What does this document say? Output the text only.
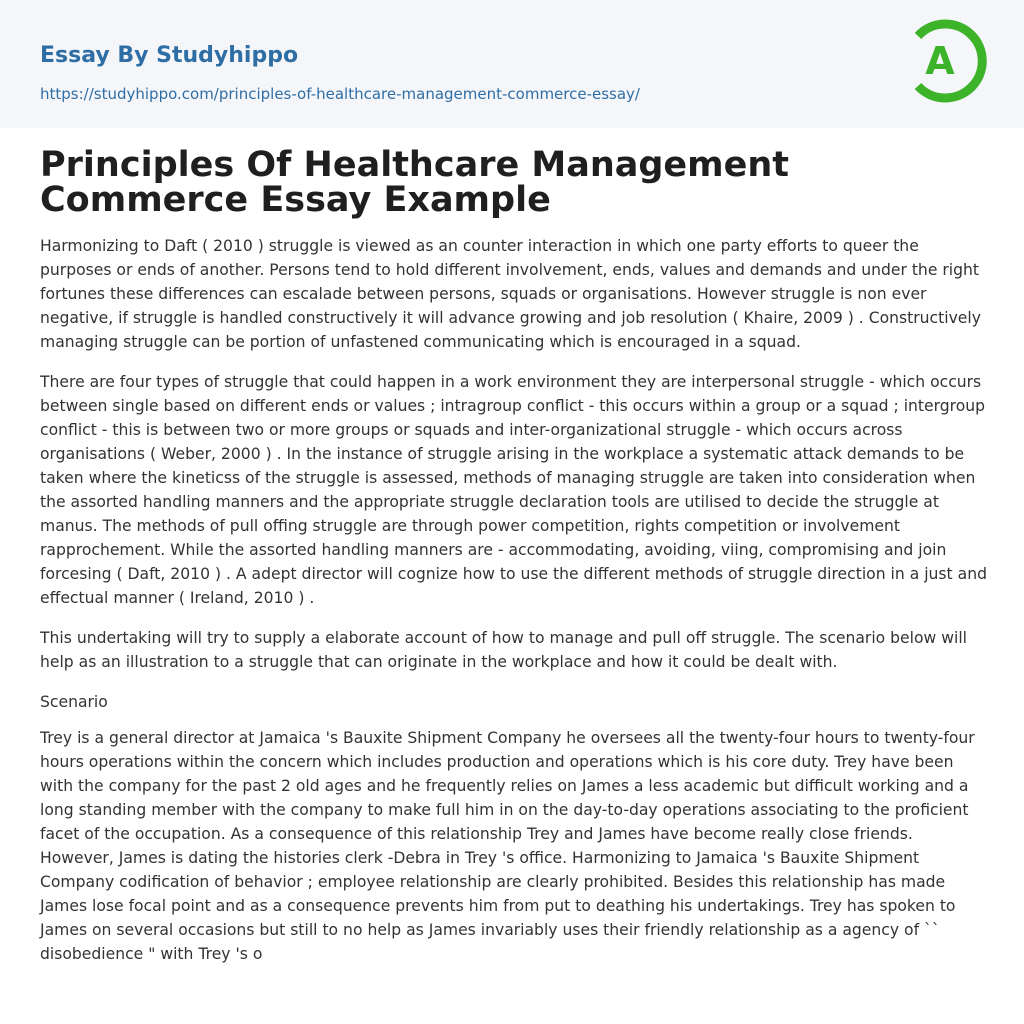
Essay By Studyhippo
https://studyhippo.com/principles-of-healthcare-management-commerce-essay/
A
Principles Of Healthcare Management Commerce Essay Example

Harmonizing to Daft ( 2010 ) struggle is viewed as an counter interaction in which one party efforts to queer the purposes or ends of another. Persons tend to hold different involvement, ends, values and demands and under the right fortunes these differences can escalade between persons, squads or organisations. However struggle is non ever negative, if struggle is handled constructively it will advance growing and job resolution ( Khaire, 2009 ) . Constructively managing struggle can be portion of unfastened communicating which is encouraged in a squad.

There are four types of struggle that could happen in a work environment they are interpersonal struggle - which occurs between single based on different ends or values ; intragroup conflict - this occurs within a group or a squad ; intergroup conflict - this is between two or more groups or squads and inter-organizational struggle - which occurs across organisations ( Weber, 2000 ) . In the instance of struggle arising in the workplace a systematic attack demands to be taken where the kineticss of the struggle is assessed, methods of managing struggle are taken into consideration when the assorted handling manners and the appropriate struggle declaration tools are utilised to decide the struggle at manus. The methods of pull offing struggle are through power competition, rights competition or involvement rapprochement. While the assorted handling manners are - accommodating, avoiding, viing, compromising and join forcesing ( Daft, 2010 ) . A adept director will cognize how to use the different methods of struggle direction in a just and effectual manner ( Ireland, 2010 ) .

This undertaking will try to supply a elaborate account of how to manage and pull off struggle. The scenario below will help as an illustration to a struggle that can originate in the workplace and how it could be dealt with.

Scenario

Trey is a general director at Jamaica 's Bauxite Shipment Company he oversees all the twenty-four hours to twenty-four hours operations within the concern which includes production and operations which is his core duty. Trey have been with the company for the past 2 old ages and he frequently relies on James a less academic but difficult working and a long standing member with the company to make full him in on the day-to-day operations associating to the proficient facet of the occupation. As a consequence of this relationship Trey and James have become really close friends. However, James is dating the histories clerk -Debra in Trey 's office. Harmonizing to Jamaica 's Bauxite Shipment Company codification of behavior ; employee relationship are clearly prohibited. Besides this relationship has made James lose focal point and as a consequence prevents him from put to deathing his undertakings. Trey has spoken to James on several occasions but still to no help as James invariably uses their friendly relationship as a agency of `` disobedience " with Trey 's o
